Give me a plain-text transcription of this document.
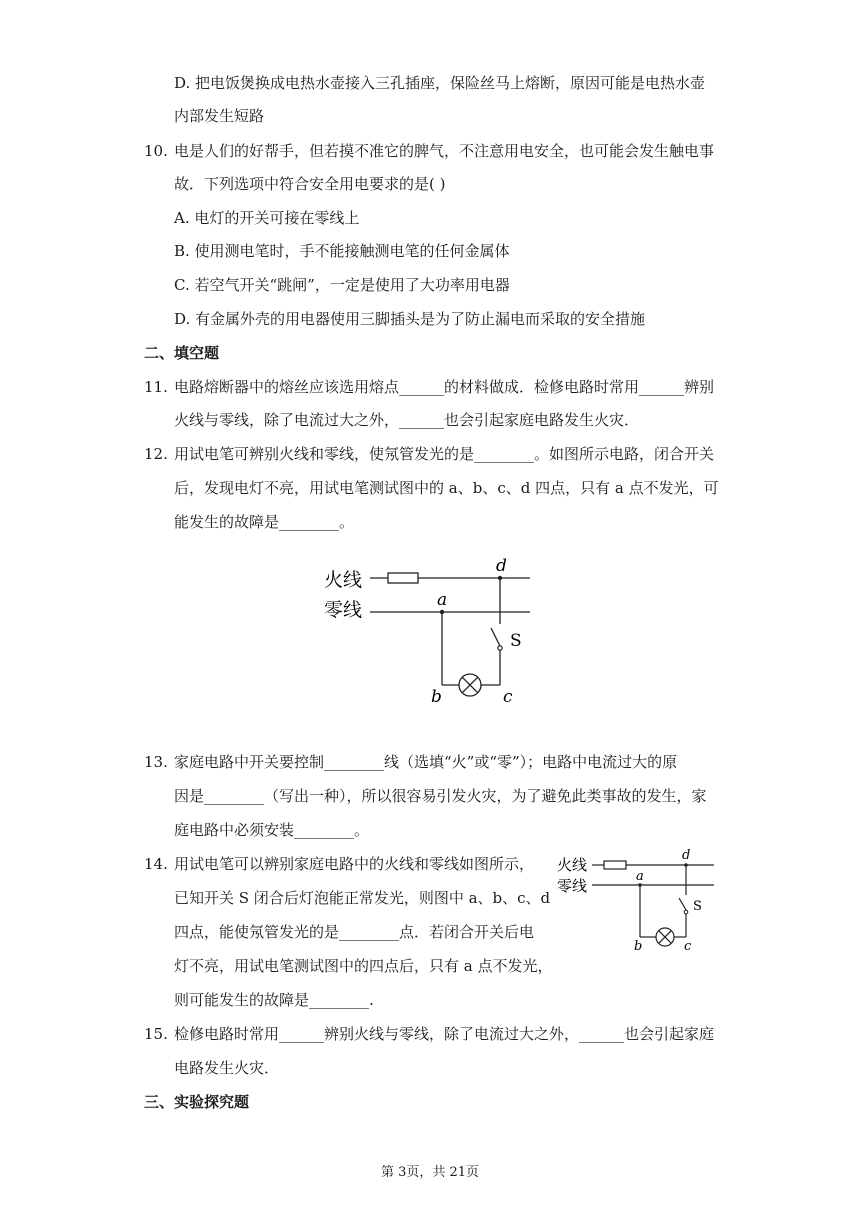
D. 把电饭煲换成电热水壶接入三孔插座，保险丝马上熔断，原因可能是电热水壶
内部发生短路
10. 电是人们的好帮手，但若摸不准它的脾气，不注意用电安全，也可能会发生触电事
故．下列选项中符合安全用电要求的是( )
A. 电灯的开关可接在零线上
B. 使用测电笔时，手不能接触测电笔的任何金属体
C. 若空气开关“跳闸”，一定是使用了大功率用电器
D. 有金属外壳的用电器使用三脚插头是为了防止漏电而采取的安全措施
二、填空题
11. 电路熔断器中的熔丝应该选用熔点______的材料做成．检修电路时常用______辨别
火线与零线，除了电流过大之外，______也会引起家庭电路发生火灾．
12. 用试电笔可辨别火线和零线，使氖管发光的是________。如图所示电路，闭合开关
后，发现电灯不亮，用试电笔测试图中的 a、b、c、d 四点，只有 a 点不发光，可
能发生的故障是________。
火线
零线
d
a
S
b	c
13. 家庭电路中开关要控制________线（选填“火”或“零”）；电路中电流过大的原
因是________（写出一种），所以很容易引发火灾，为了避免此类事故的发生，家
庭电路中必须安装________。
14. 用试电笔可以辨别家庭电路中的火线和零线如图所示，
已知开关 S 闭合后灯泡能正常发光，则图中 a、b、c、d
四点，能使氖管发光的是________点．若闭合开关后电
灯不亮，用试电笔测试图中的四点后，只有 a 点不发光，
则可能发生的故障是________.
火线
零线
d
a
S
b	c
15. 检修电路时常用______辨别火线与零线，除了电流过大之外，______也会引起家庭
电路发生火灾．
三、实验探究题
第 3页，共 21页
